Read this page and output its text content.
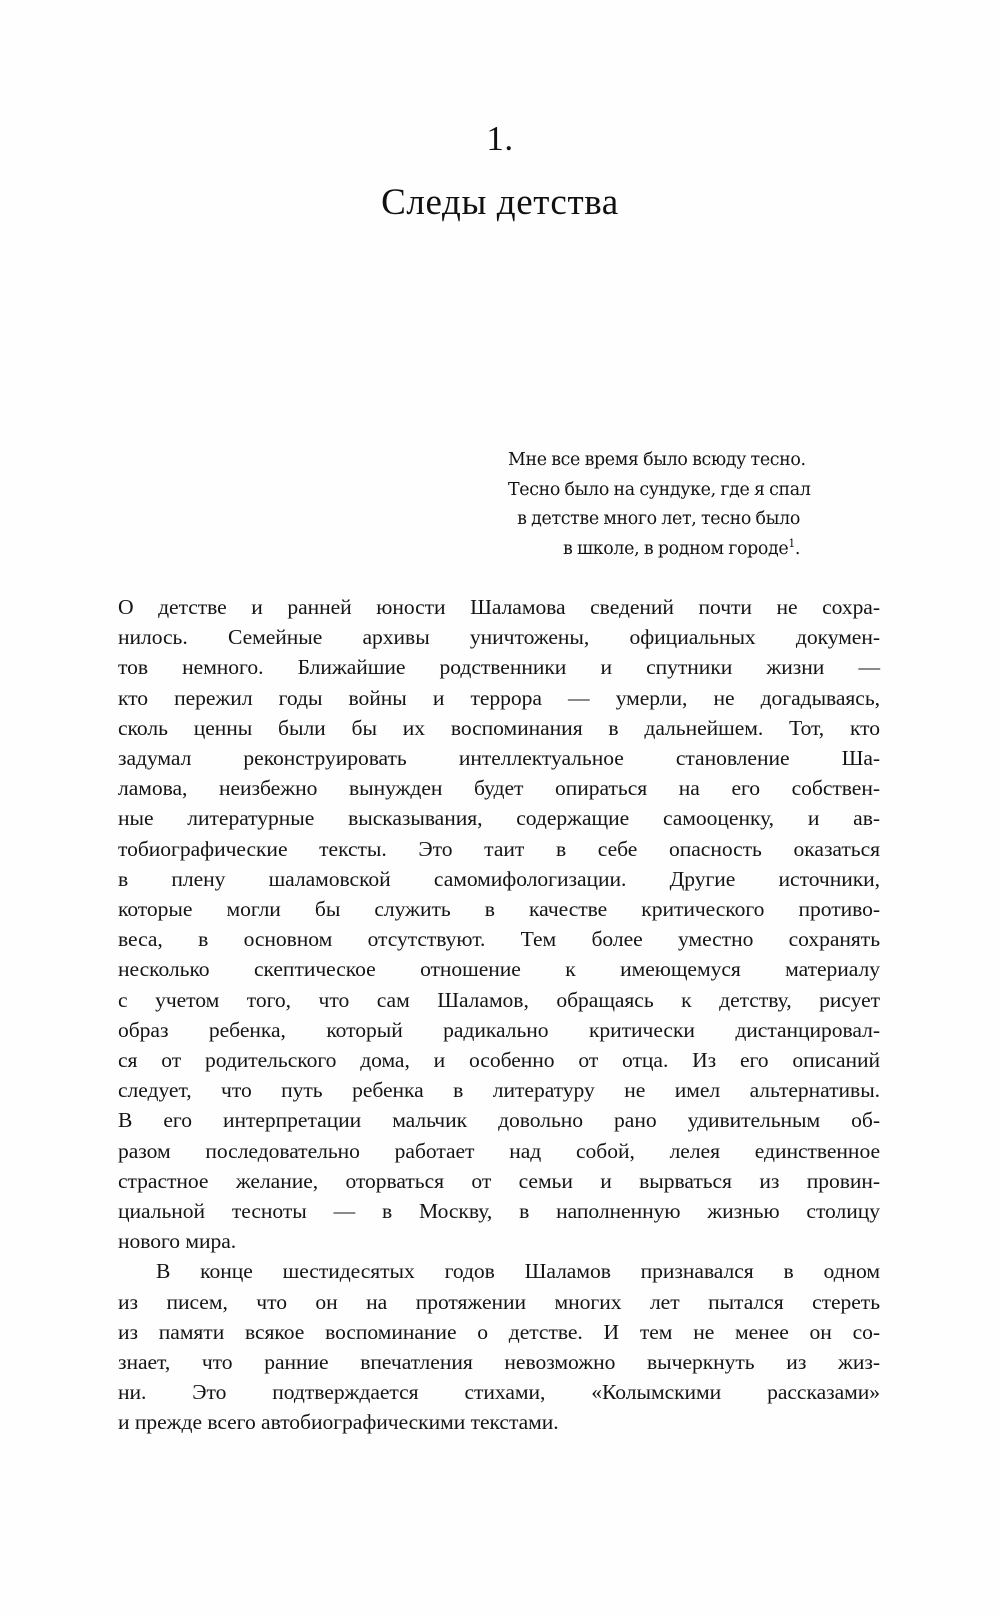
1.
Следы детства
Мне все время было всюду тесно.
Тесно было на сундуке, где я спал
в детстве много лет, тесно было
в школе, в родном городе$^1$.

О детстве и ранней юности Шаламова сведений почти не сохра-
нилось. Семейные архивы уничтожены, официальных докумен-
тов немного. Ближайшие родственники и спутники жизни —
кто пережил годы войны и террора — умерли, не догадываясь,
сколь ценны были бы их воспоминания в дальнейшем. Тот, кто
задумал реконструировать интеллектуальное становление Ша-
ламова, неизбежно вынужден будет опираться на его собствен-
ные литературные высказывания, содержащие самооценку, и ав-
тобиографические тексты. Это таит в себе опасность оказаться
в плену шаламовской самомифологизации. Другие источники,
которые могли бы служить в качестве критического противо-
веса, в основном отсутствуют. Тем более уместно сохранять
несколько скептическое отношение к имеющемуся материалу
с учетом того, что сам Шаламов, обращаясь к детству, рисует
образ ребенка, который радикально критически дистанцировал-
ся от родительского дома, и особенно от отца. Из его описаний
следует, что путь ребенка в литературу не имел альтернативы.
В его интерпретации мальчик довольно рано удивительным об-
разом последовательно работает над собой, лелея единственное
страстное желание, оторваться от семьи и вырваться из провин-
циальной тесноты — в Москву, в наполненную жизнью столицу
нового мира.

В конце шестидесятых годов Шаламов признавался в одном
из писем, что он на протяжении многих лет пытался стереть
из памяти всякое воспоминание о детстве. И тем не менее он со-
знает, что ранние впечатления невозможно вычеркнуть из жиз-
ни. Это подтверждается стихами, «Колымскими рассказами»
и прежде всего автобиографическими текстами.
